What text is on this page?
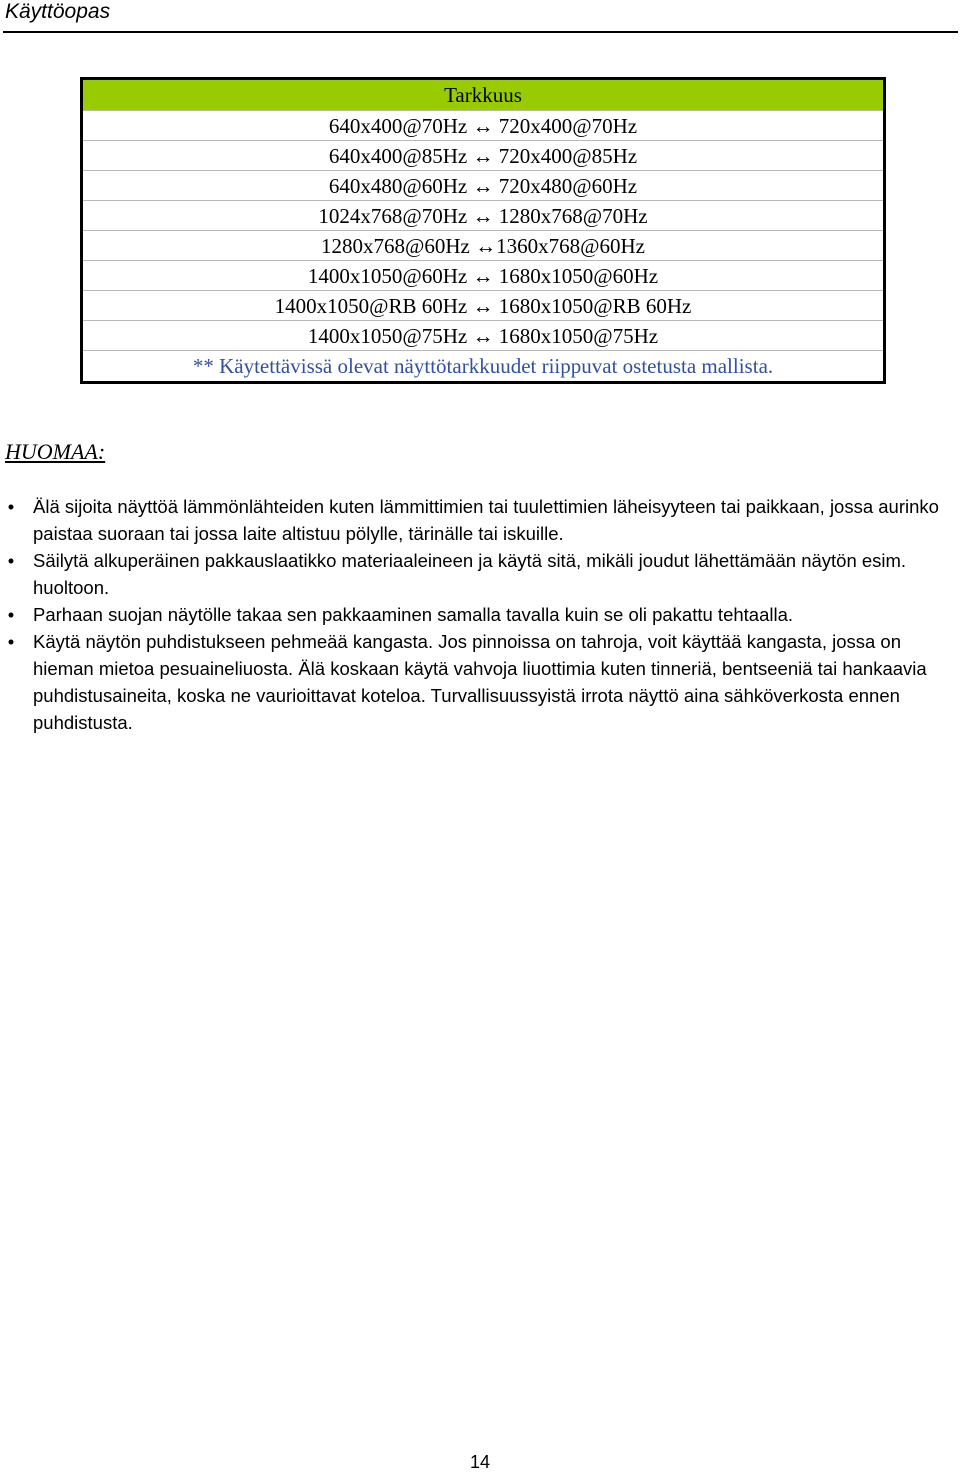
Käyttöopas
Tarkkuus
640x400@70Hz ↔ 720x400@70Hz
640x400@85Hz ↔ 720x400@85Hz
640x480@60Hz ↔ 720x480@60Hz
1024x768@70Hz ↔ 1280x768@70Hz
1280x768@60Hz ↔1360x768@60Hz
1400x1050@60Hz ↔ 1680x1050@60Hz
1400x1050@RB 60Hz ↔ 1680x1050@RB 60Hz
1400x1050@75Hz ↔ 1680x1050@75Hz
** Käytettävissä olevat näyttötarkkuudet riippuvat ostetusta mallista.
HUOMAA:
• Älä sijoita näyttöä lämmönlähteiden kuten lämmittimien tai tuulettimien läheisyyteen tai paikkaan, jossa aurinko paistaa suoraan tai jossa laite altistuu pölylle, tärinälle tai iskuille.
• Säilytä alkuperäinen pakkauslaatikko materiaaleineen ja käytä sitä, mikäli joudut lähettämään näytön esim. huoltoon.
• Parhaan suojan näytölle takaa sen pakkaaminen samalla tavalla kuin se oli pakattu tehtaalla.
• Käytä näytön puhdistukseen pehmeää kangasta. Jos pinnoissa on tahroja, voit käyttää kangasta, jossa on hieman mietoa pesuaineliuosta. Älä koskaan käytä vahvoja liuottimia kuten tinneriä, bentseeniä tai hankaavia puhdistusaineita, koska ne vaurioittavat koteloa. Turvallisuussyistä irrota näyttö aina sähköverkosta ennen puhdistusta.
14
